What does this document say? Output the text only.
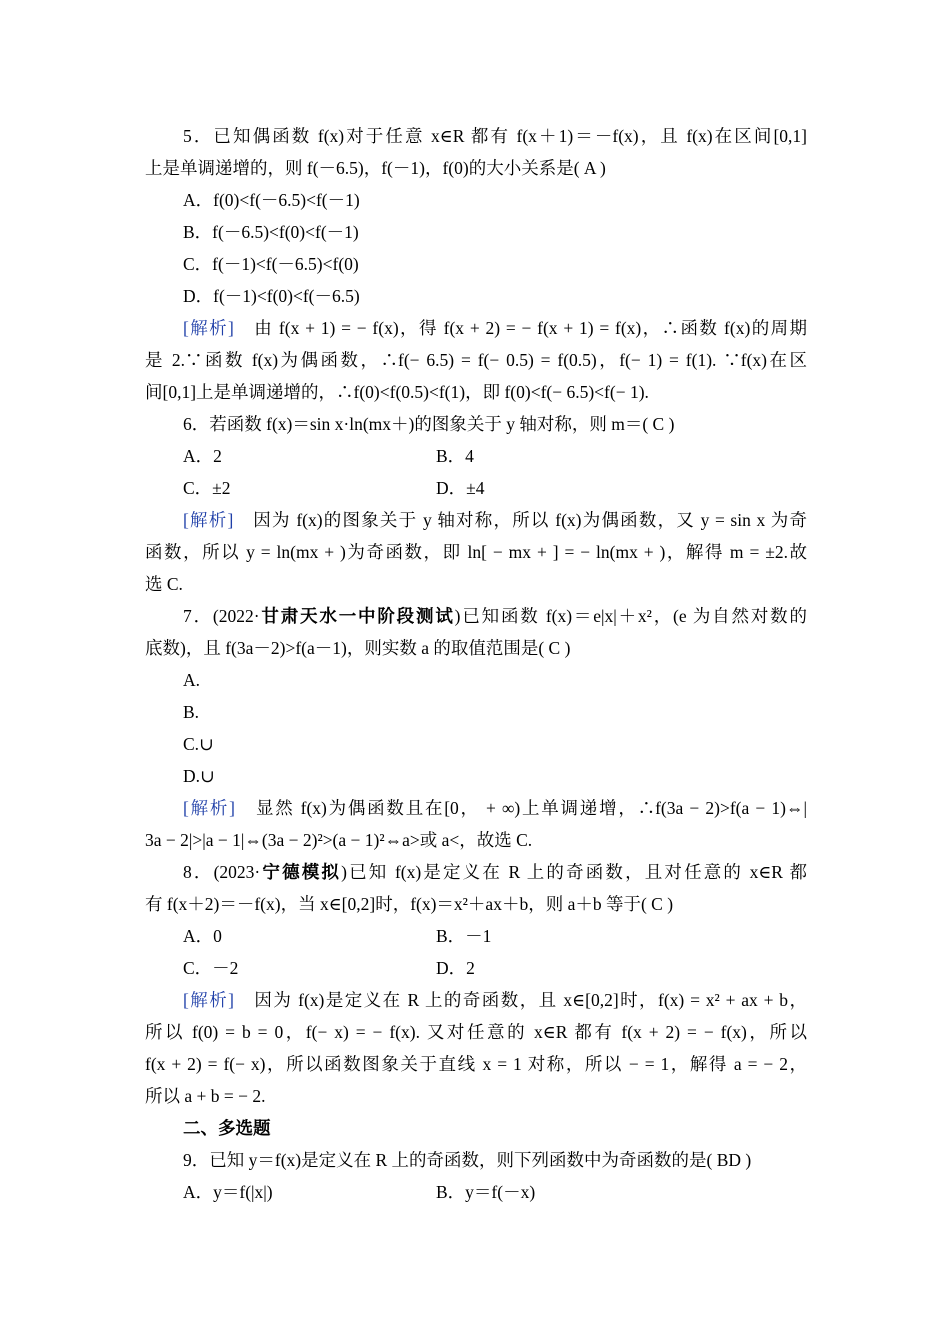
5．已知偶函数 f(x)对于任意 x∈R 都有 f(x＋1)＝－f(x)，且 f(x)在区间[0,1]
上是单调递增的，则 f(－6.5)，f(－1)，f(0)的大小关系是( A )
A．f(0)<f(－6.5)<f(－1)
B．f(－6.5)<f(0)<f(－1)
C．f(－1)<f(－6.5)<f(0)
D．f(－1)<f(0)<f(－6.5)
[解析]　 由 f(x + 1) = − f(x)，得 f(x + 2) = − f(x + 1) = f(x)，∴函数 f(x)的周期
是 2.∵函数 f(x)为偶函数，∴f(− 6.5) = f(− 0.5) = f(0.5)，f(− 1) = f(1). ∵f(x)在区
间[0,1]上是单调递增的，∴f(0)<f(0.5)<f(1)，即 f(0)<f(− 6.5)<f(− 1).
6．若函数 f(x)＝sin x·ln(mx＋)的图象关于 y 轴对称，则 m＝( C )
A．2	B．4
C．±2	D．±4
[解析]　 因为 f(x)的图象关于 y 轴对称，所以 f(x)为偶函数，又 y = sin x 为奇
函数，所以 y = ln(mx + )为奇函数，即 ln[ − mx + ] = − ln(mx + )，解得 m = ±2.故
选 C.
7．(2022·甘肃天水一中阶段测试)已知函数 f(x)＝e|x|＋x²，(e 为自然对数的
底数)，且 f(3a－2)>f(a－1)，则实数 a 的取值范围是( C )
A.
B.
C.∪
D.∪
[解析]　 显然 f(x)为偶函数且在[0， + ∞)上单调递增，∴f(3a − 2)>f(a − 1)⇔|
3a − 2|>|a − 1|⇔(3a − 2)²>(a − 1)²⇔a>或 a<，故选 C.
8．(2023·宁德模拟)已知 f(x)是定义在 R 上的奇函数，且对任意的 x∈R 都
有 f(x＋2)＝－f(x)，当 x∈[0,2]时，f(x)＝x²＋ax＋b，则 a＋b 等于( C )
A．0	B．－1
C．－2	D．2
[解析]　 因为 f(x)是定义在 R 上的奇函数，且 x∈[0,2]时，f(x) = x² + ax + b，
所以 f(0) = b = 0，f(− x) = − f(x). 又对任意的 x∈R 都有 f(x + 2) = − f(x)，所以
f(x + 2) = f(− x)，所以函数图象关于直线 x = 1 对称，所以 − = 1，解得 a = − 2，
所以 a + b = − 2.
二、多选题
9．已知 y＝f(x)是定义在 R 上的奇函数，则下列函数中为奇函数的是( BD )
A．y＝f(|x|)	B．y＝f(－x)
